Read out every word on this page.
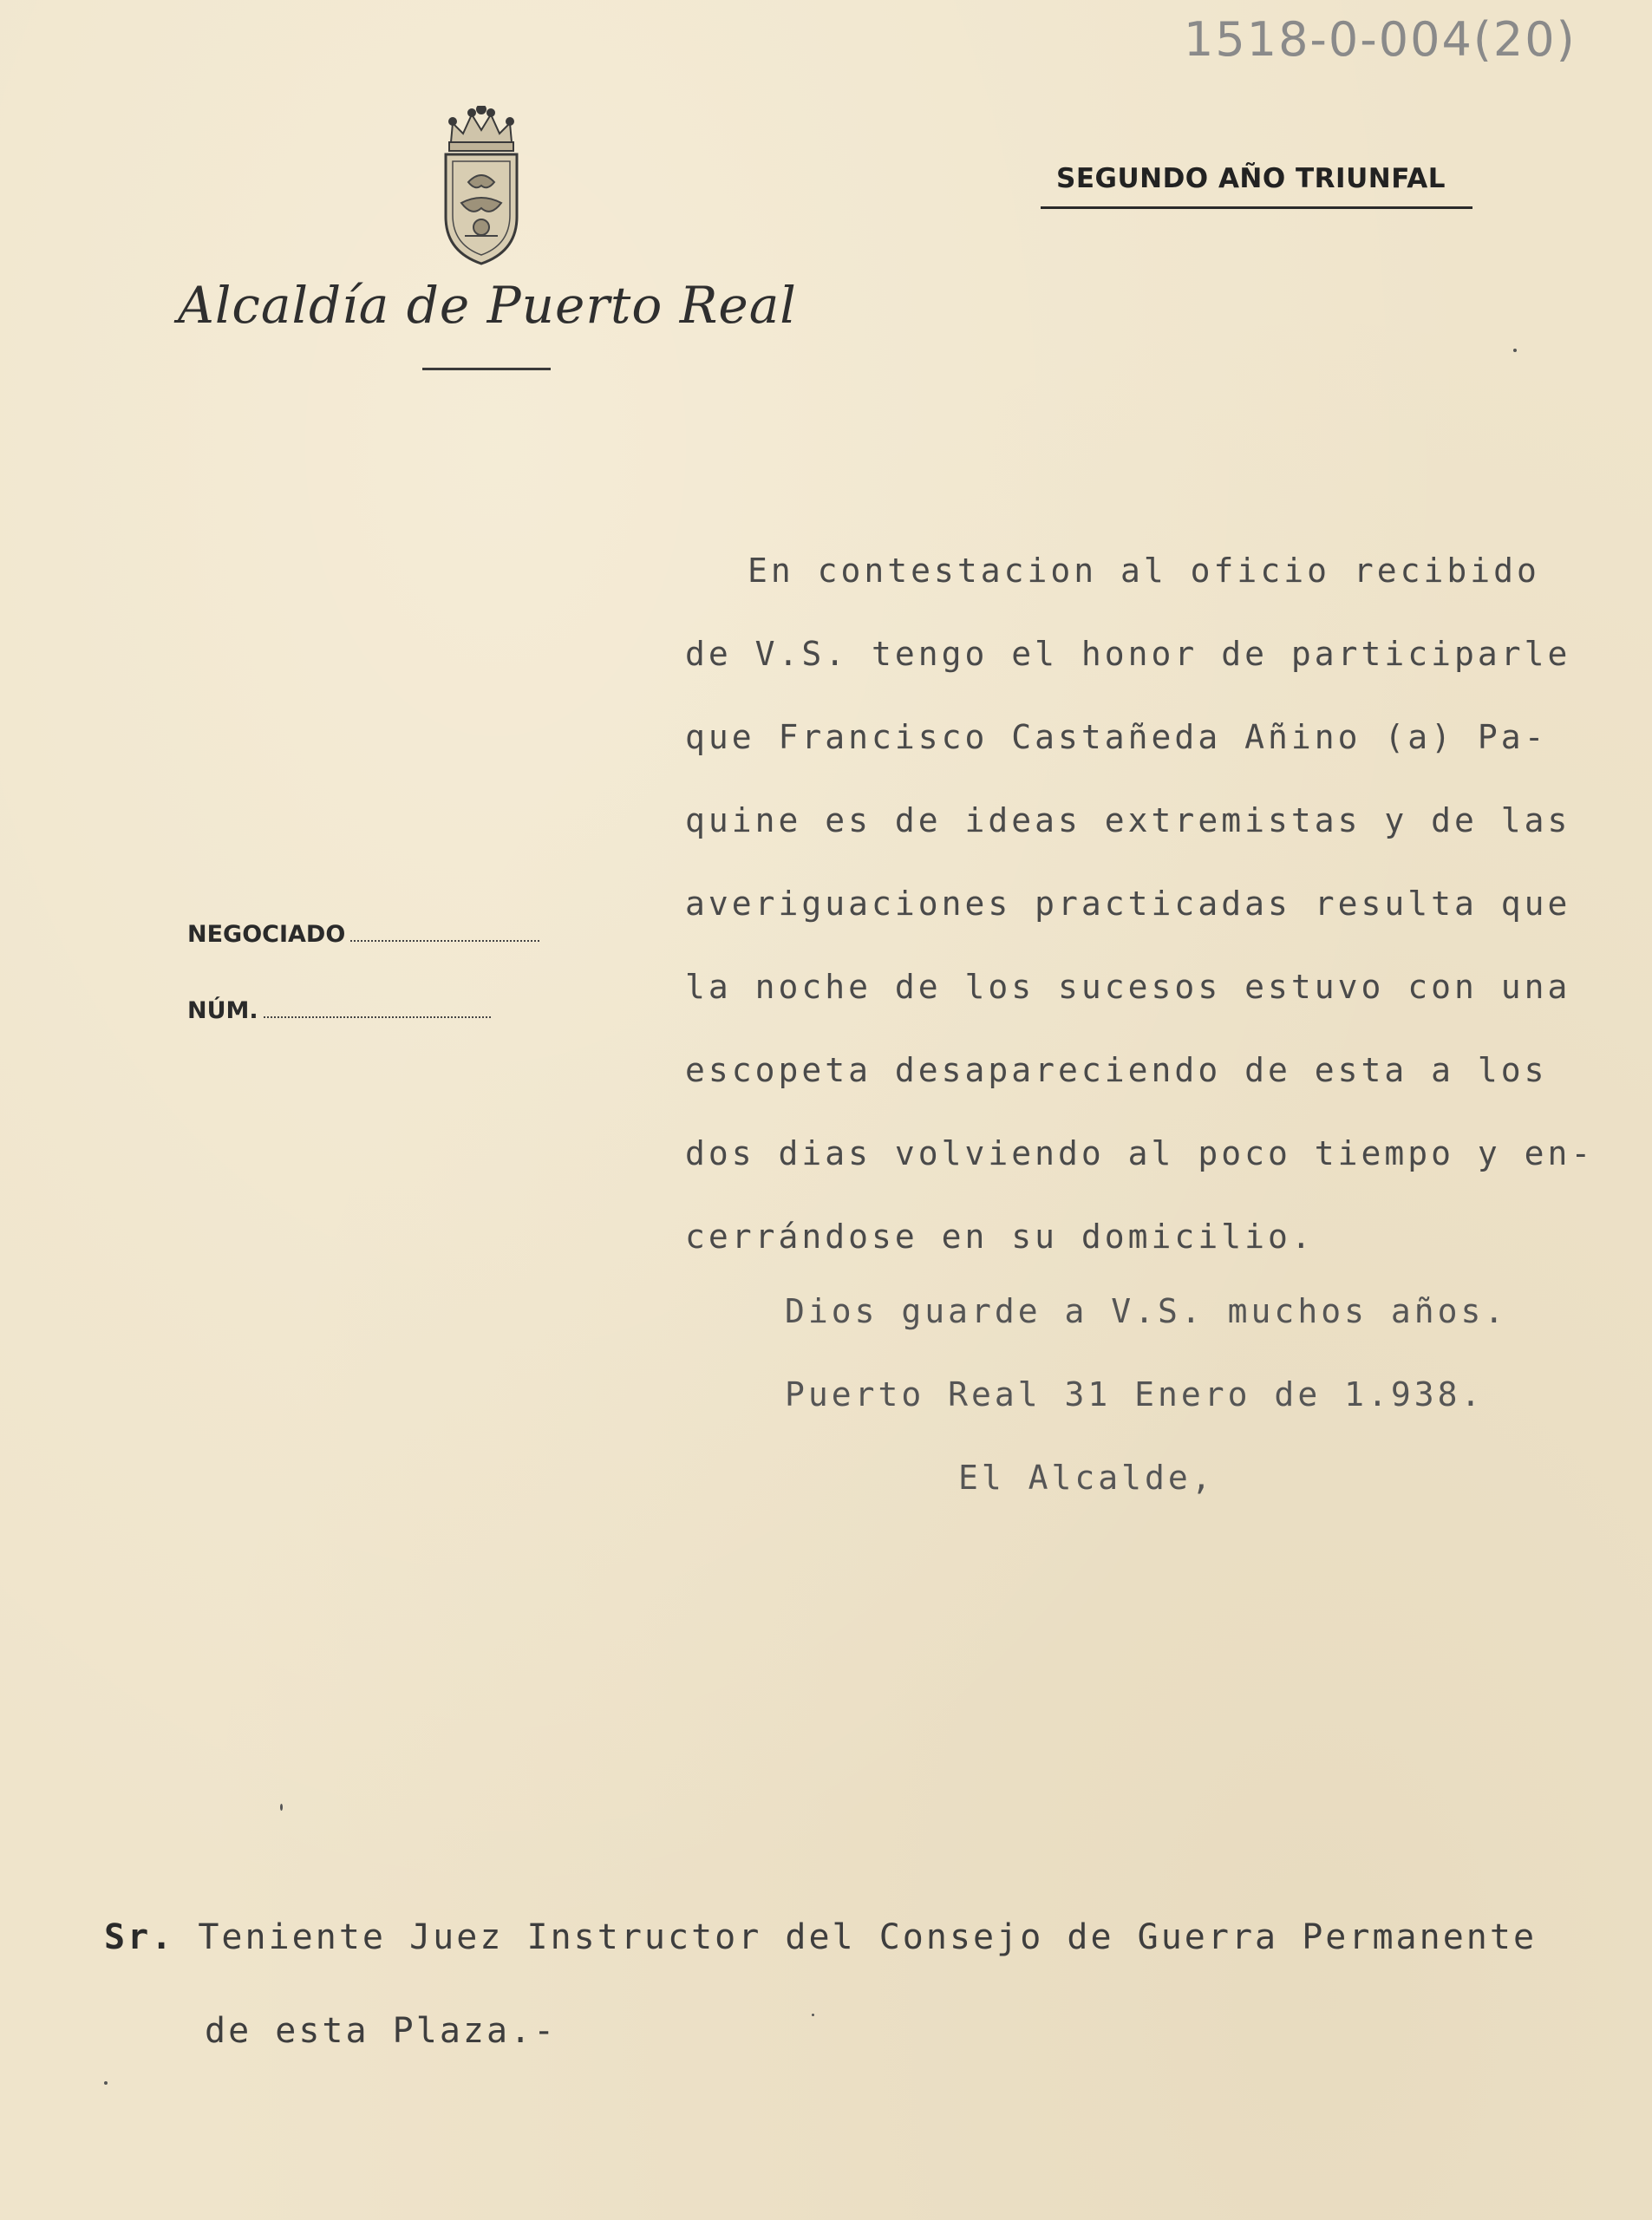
1518-0-004(20)
Alcaldía de Puerto Real
SEGUNDO AÑO TRIUNFAL
NEGOCIADO
NÚM.
En contestacion al oficio recibido
de V.S. tengo el honor de participarle
que Francisco Castañeda Añino (a) Pa-
quine es de ideas extremistas y de las
averiguaciones practicadas resulta que
la noche de los sucesos estuvo con una
escopeta desapareciendo de esta a los
dos dias volviendo al poco tiempo y en-
cerrándose en su domicilio.
Dios guarde a V.S. muchos años.
Puerto Real 31 Enero de 1.938.
El Alcalde,
Sr. Teniente Juez Instructor del Consejo de Guerra Permanente
de esta Plaza.-
